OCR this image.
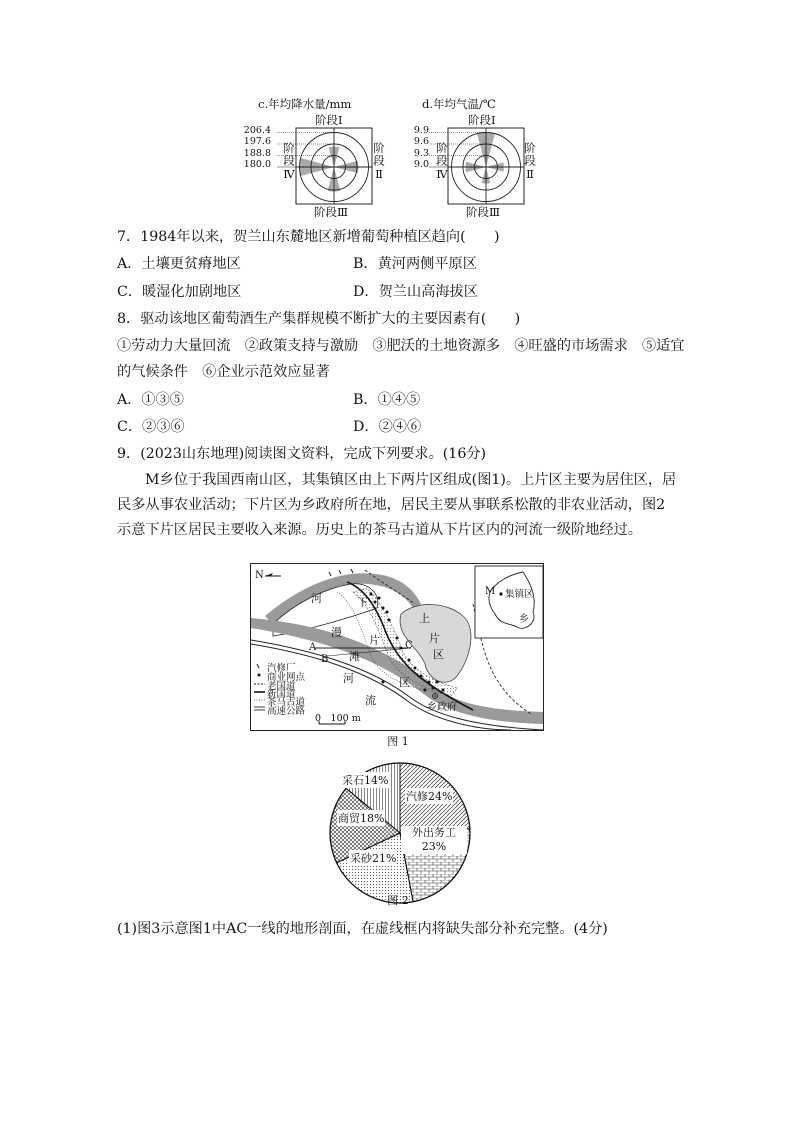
c.年均降水量/mm
阶段Ⅰ
阶段Ⅲ
阶段Ⅳ	阶段Ⅱ
206.4
197.6
188.8
180.0
d.年均气温/℃
阶段Ⅰ
阶段Ⅲ
阶段Ⅳ	阶段Ⅱ
9.9
9.6
9.3
9.0
7．1984年以来，贺兰山东麓地区新增葡萄种植区趋向(　　)
A．土壤更贫瘠地区	B．黄河两侧平原区
C．暖湿化加剧地区	D．贺兰山高海拔区
8．驱动该地区葡萄酒生产集群规模不断扩大的主要因素有(　　)
①劳动力大量回流　②政策支持与激励　③肥沃的土地资源多　④旺盛的市场需求　⑤适宜
的气候条件　⑥企业示范效应显著
A．①③⑤	B．①④⑤
C．②③⑥	D．②④⑥
9．(2023山东地理)阅读图文资料，完成下列要求。(16分)
M乡位于我国西南山区，其集镇区由上下两片区组成(图1)。上片区主要为居住区，居民多从事农业活动；下片区为乡政府所在地，居民主要从事联系松散的非农业活动，图2示意下片区居民主要收入来源。历史上的茶马古道从下片区内的河流一级阶地经过。
N
河
漫
滩
河
流
下
片
区
上
片
区
A
B
C
乡政府
汽修厂
商业网点
老国道
新国道
茶马古道
高速公路
0　100 m
M 集镇区
乡
图 1
汽修24%
外出务工
23%
采砂21%
商贸18%
采石14%
图 2
(1)图3示意图1中AC一线的地形剖面，在虚线框内将缺失部分补充完整。(4分)
